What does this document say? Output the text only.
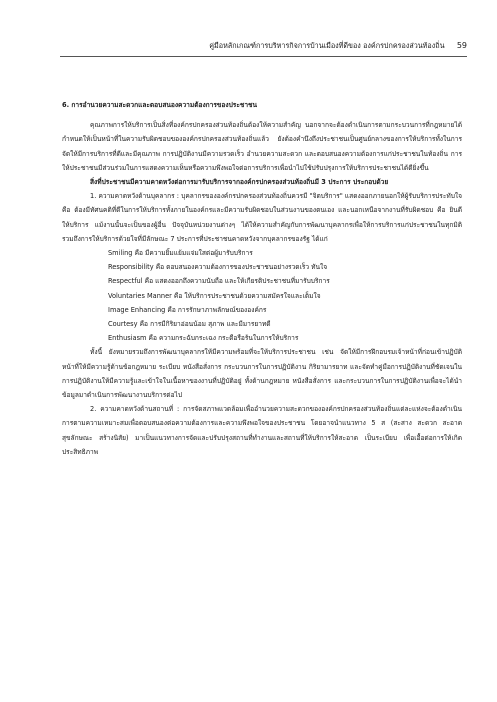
คู่มือหลักเกณฑ์การบริหารกิจการบ้านเมืองที่ดีของ องค์กรปกครองส่วนท้องถิ่น 59

6. การอำนวยความสะดวกและตอบสนองความต้องการของประชาชน

คุณภาพการให้บริการเป็นสิ่งที่องค์กรปกครองส่วนท้องถิ่นต้องให้ความสำคัญ นอกจากจะต้องดำเนินการตามกระบวนการที่กฎหมายได้กำหนดให้เป็นหน้าที่ในความรับผิดชอบขององค์กรปกครองส่วนท้องถิ่นแล้ว ยังต้องคำนึงถึงประชาชนเป็นศูนย์กลางของการให้บริการทั้งในการจัดให้มีการบริการที่ดีและมีคุณภาพ การปฏิบัติงานมีความรวดเร็ว อำนวยความสะดวก และตอบสนองความต้องการแก่ประชาชนในท้องถิ่น การให้ประชาชนมีส่วนร่วมในการแสดงความเห็นหรือความพึงพอใจต่อการบริการเพื่อนำไปใช้ปรับปรุงการให้บริการประชาชนได้ดียิ่งขึ้น

สิ่งที่ประชาชนมีความคาดหวังต่อการมารับบริการจากองค์กรปกครองส่วนท้องถิ่นมี 3 ประการ ประกอบด้วย

1. ความคาดหวังด้านบุคลากร : บุคลากรขององค์กรปกครองส่วนท้องถิ่นควรมี "จิตบริการ" แสดงออกภายนอกให้ผู้รับบริการประทับใจ คือ ต้องมีทัศนคติที่ดีในการให้บริการทั้งภายในองค์กรและมีความรับผิดชอบในส่วนงานของตนเอง และนอกเหนือจากงานที่รับผิดชอบ คือ ยินดีให้บริการ แม้งานนั้นจะเป็นของผู้อื่น ปัจจุบันหน่วยงานต่างๆ ได้ให้ความสำคัญกับการพัฒนาบุคลากรเพื่อให้การบริการแก่ประชาชนในทุกมิติ รวมถึงการให้บริการด้วยใจที่มีลักษณะ 7 ประการที่ประชาชนคาดหวังจากบุคลากรของรัฐ ได้แก่

Smiling คือ มีความยิ้มแย้มแจ่มใสต่อผู้มารับบริการ
Responsibility คือ ตอบสนองความต้องการของประชาชนอย่างรวดเร็ว ทันใจ
Respectful คือ แสดงออกถึงความนับถือ และให้เกียรติประชาชนที่มารับบริการ
Voluntaries Manner คือ ให้บริการประชาชนด้วยความสมัครใจและเต็มใจ
Image Enhancing คือ การรักษาภาพลักษณ์ขององค์กร
Courtesy คือ การมีกิริยาอ่อนน้อม สุภาพ และมีมารยาทดี
Enthusiasm คือ ความกระฉับกระเฉง กระตือรือร้นในการให้บริการ

ทั้งนี้ ยังหมายรวมถึงการพัฒนาบุคลากรให้มีความพร้อมที่จะให้บริการประชาชน เช่น จัดให้มีการฝึกอบรมเจ้าหน้าที่ก่อนเข้าปฏิบัติหน้าที่ให้มีความรู้ด้านข้อกฎหมาย ระเบียบ หนังสือสั่งการ กระบวนการในการปฏิบัติงาน กิริยามารยาท และจัดทำคู่มือการปฏิบัติงานที่ชัดเจนในการปฏิบัติงานให้มีความรู้และเข้าใจในเนื้อหาของงานที่ปฏิบัติอยู่ ทั้งด้านกฎหมาย หนังสือสั่งการ และกระบวนการในการปฏิบัติงานเพื่อจะได้นำข้อมูลมาดำเนินการพัฒนางานบริการต่อไป

2. ความคาดหวังด้านสถานที่ : การจัดสภาพแวดล้อมเพื่ออำนวยความสะดวกขององค์กรปกครองส่วนท้องถิ่นแต่ละแห่งจะต้องดำเนินการตามความเหมาะสมเพื่อตอบสนองต่อความต้องการและความพึงพอใจของประชาชน โดยอาจนำแนวทาง 5 ส (สะสาง สะดวก สะอาด สุขลักษณะ สร้างนิสัย) มาเป็นแนวทางการจัดและปรับปรุงสถานที่ทำงานและสถานที่ให้บริการให้สะอาด เป็นระเบียบ เพื่อเอื้อต่อการให้เกิดประสิทธิภาพ
